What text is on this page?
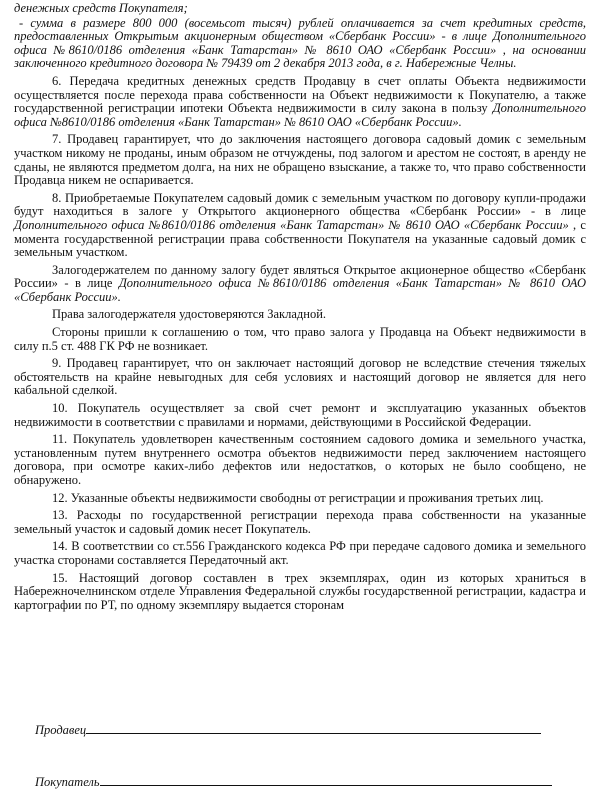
денежных средств Покупателя;

- сумма в размере 800 000 (восемьсот тысяч) рублей оплачивается за счет кредитных средств, предоставленных Открытым акционерным обществом «Сбербанк России» - в лице Дополнительного офиса №8610/0186 отделения «Банк Татарстан» № 8610 ОАО «Сбербанк России» , на основании заключенного кредитного договора № 79439 от 2 декабря 2013 года, в г. Набережные Челны.

6. Передача кредитных денежных средств Продавцу в счет оплаты Объекта недвижимости осуществляется после перехода права собственности на Объект недвижимости к Покупателю, а также государственной регистрации ипотеки Объекта недвижимости в силу закона в пользу Дополнительного офиса №8610/0186 отделения «Банк Татарстан» № 8610 ОАО «Сбербанк России».

7. Продавец гарантирует, что до заключения настоящего договора садовый домик с земельным участком никому не проданы, иным образом не отчуждены, под залогом и арестом не состоят, в аренду не сданы, не являются предметом долга, на них не обращено взыскание, а также то, что право собственности Продавца никем не оспаривается.

8. Приобретаемые Покупателем садовый домик с земельным участком по договору купли-продажи будут находиться в залоге у Открытого акционерного общества «Сбербанк России» - в лице Дополнительного офиса №8610/0186 отделения «Банк Татарстан» № 8610 ОАО «Сбербанк России» , с момента государственной регистрации права собственности Покупателя на указанные садовый домик с земельным участком.

Залогодержателем по данному залогу будет являться Открытое акционерное общество «Сбербанк России» - в лице Дополнительного офиса №8610/0186 отделения «Банк Татарстан» № 8610 ОАО «Сбербанк России».

Права залогодержателя удостоверяются Закладной.

Стороны пришли к соглашению о том, что право залога у Продавца на Объект недвижимости в силу п.5 ст. 488 ГК РФ не возникает.

9. Продавец гарантирует, что он заключает настоящий договор не вследствие стечения тяжелых обстоятельств на крайне невыгодных для себя условиях и настоящий договор не является для него кабальной сделкой.

10. Покупатель осуществляет за свой счет ремонт и эксплуатацию указанных объектов недвижимости в соответствии с правилами и нормами, действующими в Российской Федерации.

11. Покупатель удовлетворен качественным состоянием садового домика и земельного участка, установленным путем внутреннего осмотра объектов недвижимости перед заключением настоящего договора, при осмотре каких-либо дефектов или недостатков, о которых не было сообщено, не обнаружено.

12. Указанные объекты недвижимости свободны от регистрации и проживания третьих лиц.

13. Расходы по государственной регистрации перехода права собственности на указанные земельный участок и садовый домик несет Покупатель.

14. В соответствии со ст.556 Гражданского кодекса РФ при передаче садового домика и земельного участка сторонами составляется Передаточный акт.

15. Настоящий договор составлен в трех экземплярах, один из которых храниться в Набережночелнинском отделе Управления Федеральной службы государственной регистрации, кадастра и картографии по РТ, по одному экземпляру выдается сторонам

Продавец
Покупатель
